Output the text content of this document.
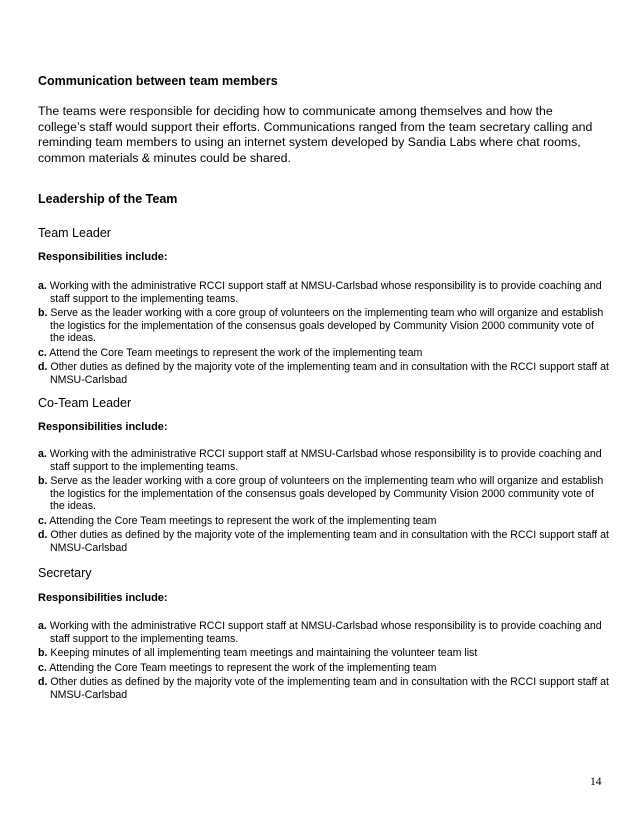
Communication between team members
The teams were responsible for deciding how to communicate among themselves and how the college’s staff would support their efforts. Communications ranged from the team secretary calling and reminding team members to using an internet system developed by Sandia Labs where chat rooms, common materials & minutes could be shared.
Leadership of the Team
Team Leader
Responsibilities include:
a. Working with the administrative RCCI support staff at NMSU-Carlsbad whose responsibility is to provide coaching and staff support to the implementing teams.
b. Serve as the leader working with a core group of volunteers on the implementing team who will organize and establish the logistics for the implementation of the consensus goals developed by Community Vision 2000 community vote of the ideas.
c. Attend the Core Team meetings to represent the work of the implementing team
d. Other duties as defined by the majority vote of the implementing team and in consultation with the RCCI support staff at NMSU-Carlsbad
Co-Team Leader
Responsibilities include:
a. Working with the administrative RCCI support staff at NMSU-Carlsbad whose responsibility is to provide coaching and staff support to the implementing teams.
b. Serve as the leader working with a core group of volunteers on the implementing team who will organize and establish the logistics for the implementation of the consensus goals developed by Community Vision 2000 community vote of the ideas.
c. Attending the Core Team meetings to represent the work of the implementing team
d. Other duties as defined by the majority vote of the implementing team and in consultation with the RCCI support staff at NMSU-Carlsbad
Secretary
Responsibilities include:
a. Working with the administrative RCCI support staff at NMSU-Carlsbad whose responsibility is to provide coaching and staff support to the implementing teams.
b. Keeping minutes of all implementing team meetings and maintaining the volunteer team list
c. Attending the Core Team meetings to represent the work of the implementing team
d. Other duties as defined by the majority vote of the implementing team and in consultation with the RCCI support staff at NMSU-Carlsbad
14
